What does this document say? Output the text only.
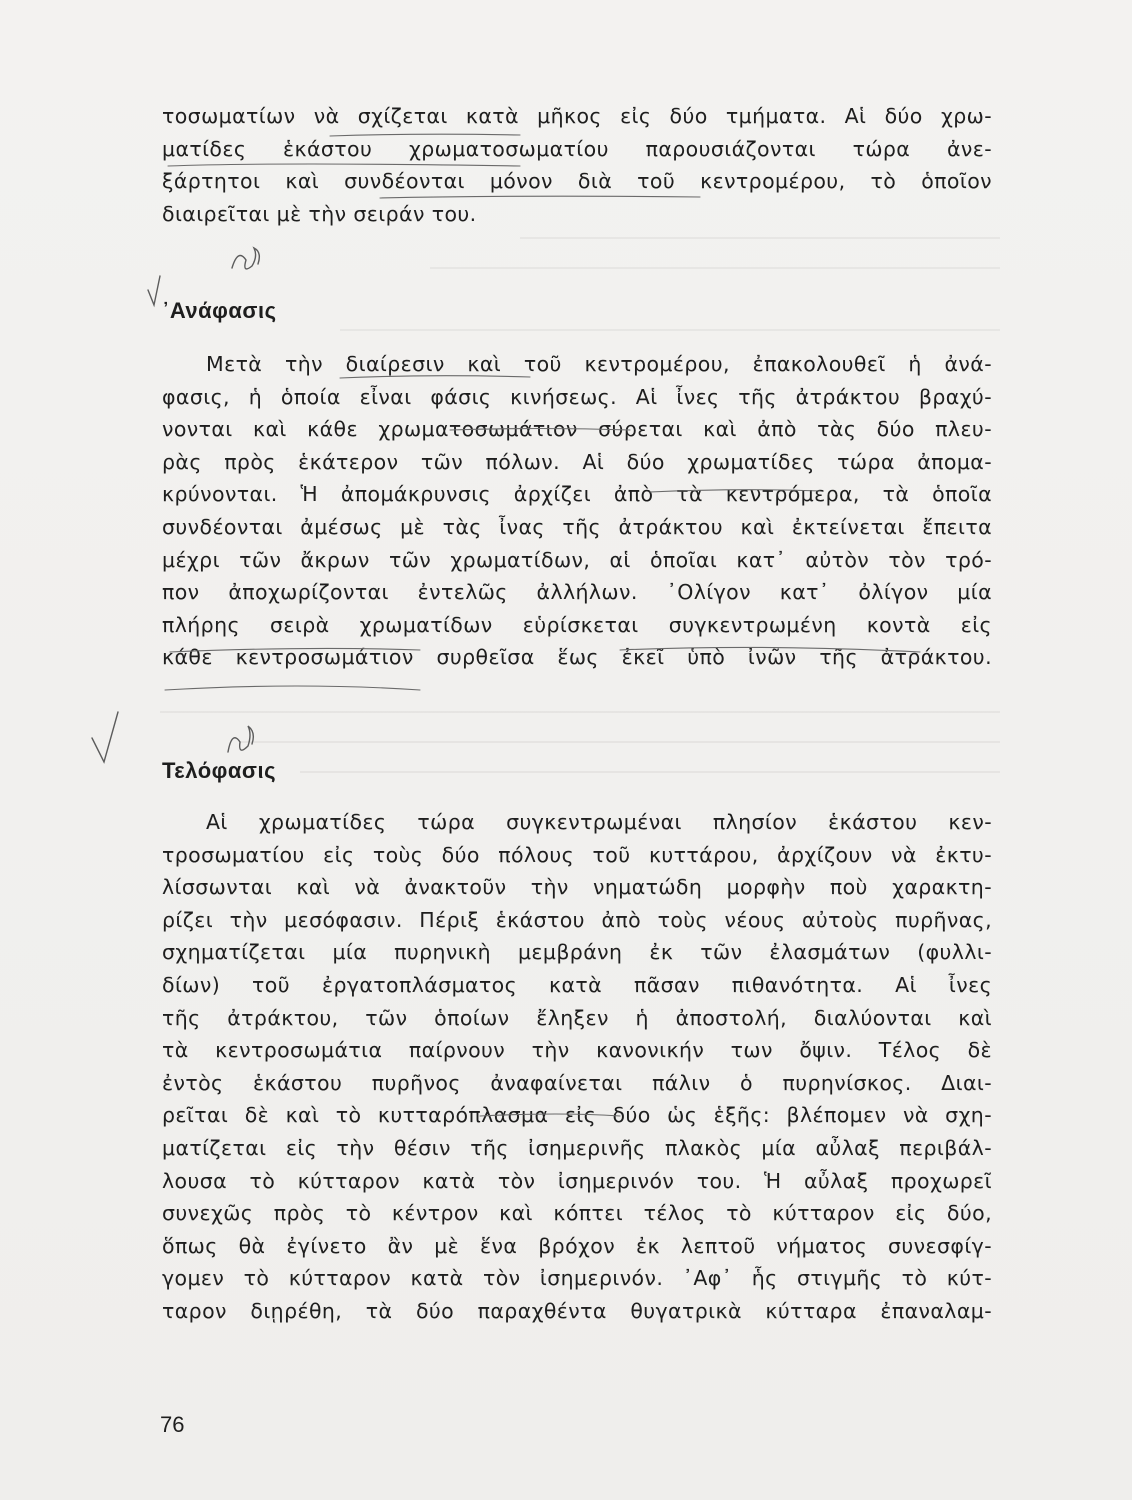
τοσωματίων νὰ σχίζεται κατὰ μῆκος εἰς δύο τμήματα. Αἱ δύο χρω-

ματίδες ἑκάστου χρωματοσωματίου παρουσιάζονται τώρα ἀνε-

ξάρτητοι καὶ συνδέονται μόνον διὰ τοῦ κεντρομέρου, τὸ ὁποῖον

διαιρεῖται μὲ τὴν σειράν του.

᾿Ανάφασις

Μετὰ τὴν διαίρεσιν καὶ τοῦ κεντρομέρου, ἐπακολουθεῖ ἡ ἀνά-

φασις, ἡ ὁποία εἶναι φάσις κινήσεως. Αἱ ἶνες τῆς ἀτράκτου βραχύ-

νονται καὶ κάθε χρωματοσωμάτιον σύρεται καὶ ἀπὸ τὰς δύο πλευ-

ρὰς πρὸς ἑκάτερον τῶν πόλων. Αἱ δύο χρωματίδες τώρα ἀπομα-

κρύνονται. Ἡ ἀπομάκρυνσις ἀρχίζει ἀπὸ τὰ κεντρόμερα, τὰ ὁποῖα

συνδέονται ἀμέσως μὲ τὰς ἶνας τῆς ἀτράκτου καὶ ἐκτείνεται ἔπειτα

μέχρι τῶν ἄκρων τῶν χρωματίδων, αἱ ὁποῖαι κατ᾿ αὐτὸν τὸν τρό-

πον ἀποχωρίζονται ἐντελῶς ἀλλήλων. ᾿Ολίγον κατ᾿ ὀλίγον μία

πλήρης σειρὰ χρωματίδων εὑρίσκεται συγκεντρωμένη κοντὰ εἰς

κάθε κεντροσωμάτιον συρθεῖσα ἕως ἐκεῖ ὑπὸ ἰνῶν τῆς ἀτράκτου.

Τελόφασις

Αἱ χρωματίδες τώρα συγκεντρωμέναι πλησίον ἑκάστου κεν-

τροσωματίου εἰς τοὺς δύο πόλους τοῦ κυττάρου, ἀρχίζουν νὰ ἐκτυ-

λίσσωνται καὶ νὰ ἀνακτοῦν τὴν νηματώδη μορφὴν ποὺ χαρακτη-

ρίζει τὴν μεσόφασιν. Πέριξ ἑκάστου ἀπὸ τοὺς νέους αὐτοὺς πυρῆνας,

σχηματίζεται μία πυρηνικὴ μεμβράνη ἐκ τῶν ἐλασμάτων (φυλλι-

δίων) τοῦ ἐργατοπλάσματος κατὰ πᾶσαν πιθανότητα. Αἱ ἶνες

τῆς ἀτράκτου, τῶν ὁποίων ἔληξεν ἡ ἀποστολή, διαλύονται καὶ

τὰ κεντροσωμάτια παίρνουν τὴν κανονικήν των ὄψιν. Τέλος δὲ

ἐντὸς ἑκάστου πυρῆνος ἀναφαίνεται πάλιν ὁ πυρηνίσκος. Διαι-

ρεῖται δὲ καὶ τὸ κυτταρόπλασμα εἰς δύο ὡς ἑξῆς: βλέπομεν νὰ σχη-

ματίζεται εἰς τὴν θέσιν τῆς ἰσημερινῆς πλακὸς μία αὖλαξ περιβάλ-

λουσα τὸ κύτταρον κατὰ τὸν ἰσημερινόν του. Ἡ αὖλαξ προχωρεῖ

συνεχῶς πρὸς τὸ κέντρον καὶ κόπτει τέλος τὸ κύτταρον εἰς δύο,

ὅπως θὰ ἐγίνετο ἂν μὲ ἕνα βρόχον ἐκ λεπτοῦ νήματος συνεσφίγ-

γομεν τὸ κύτταρον κατὰ τὸν ἰσημερινόν. ᾿Αφ᾿ ἧς στιγμῆς τὸ κύτ-

ταρον διῃρέθη, τὰ δύο παραχθέντα θυγατρικὰ κύτταρα ἐπαναλαμ-

76
